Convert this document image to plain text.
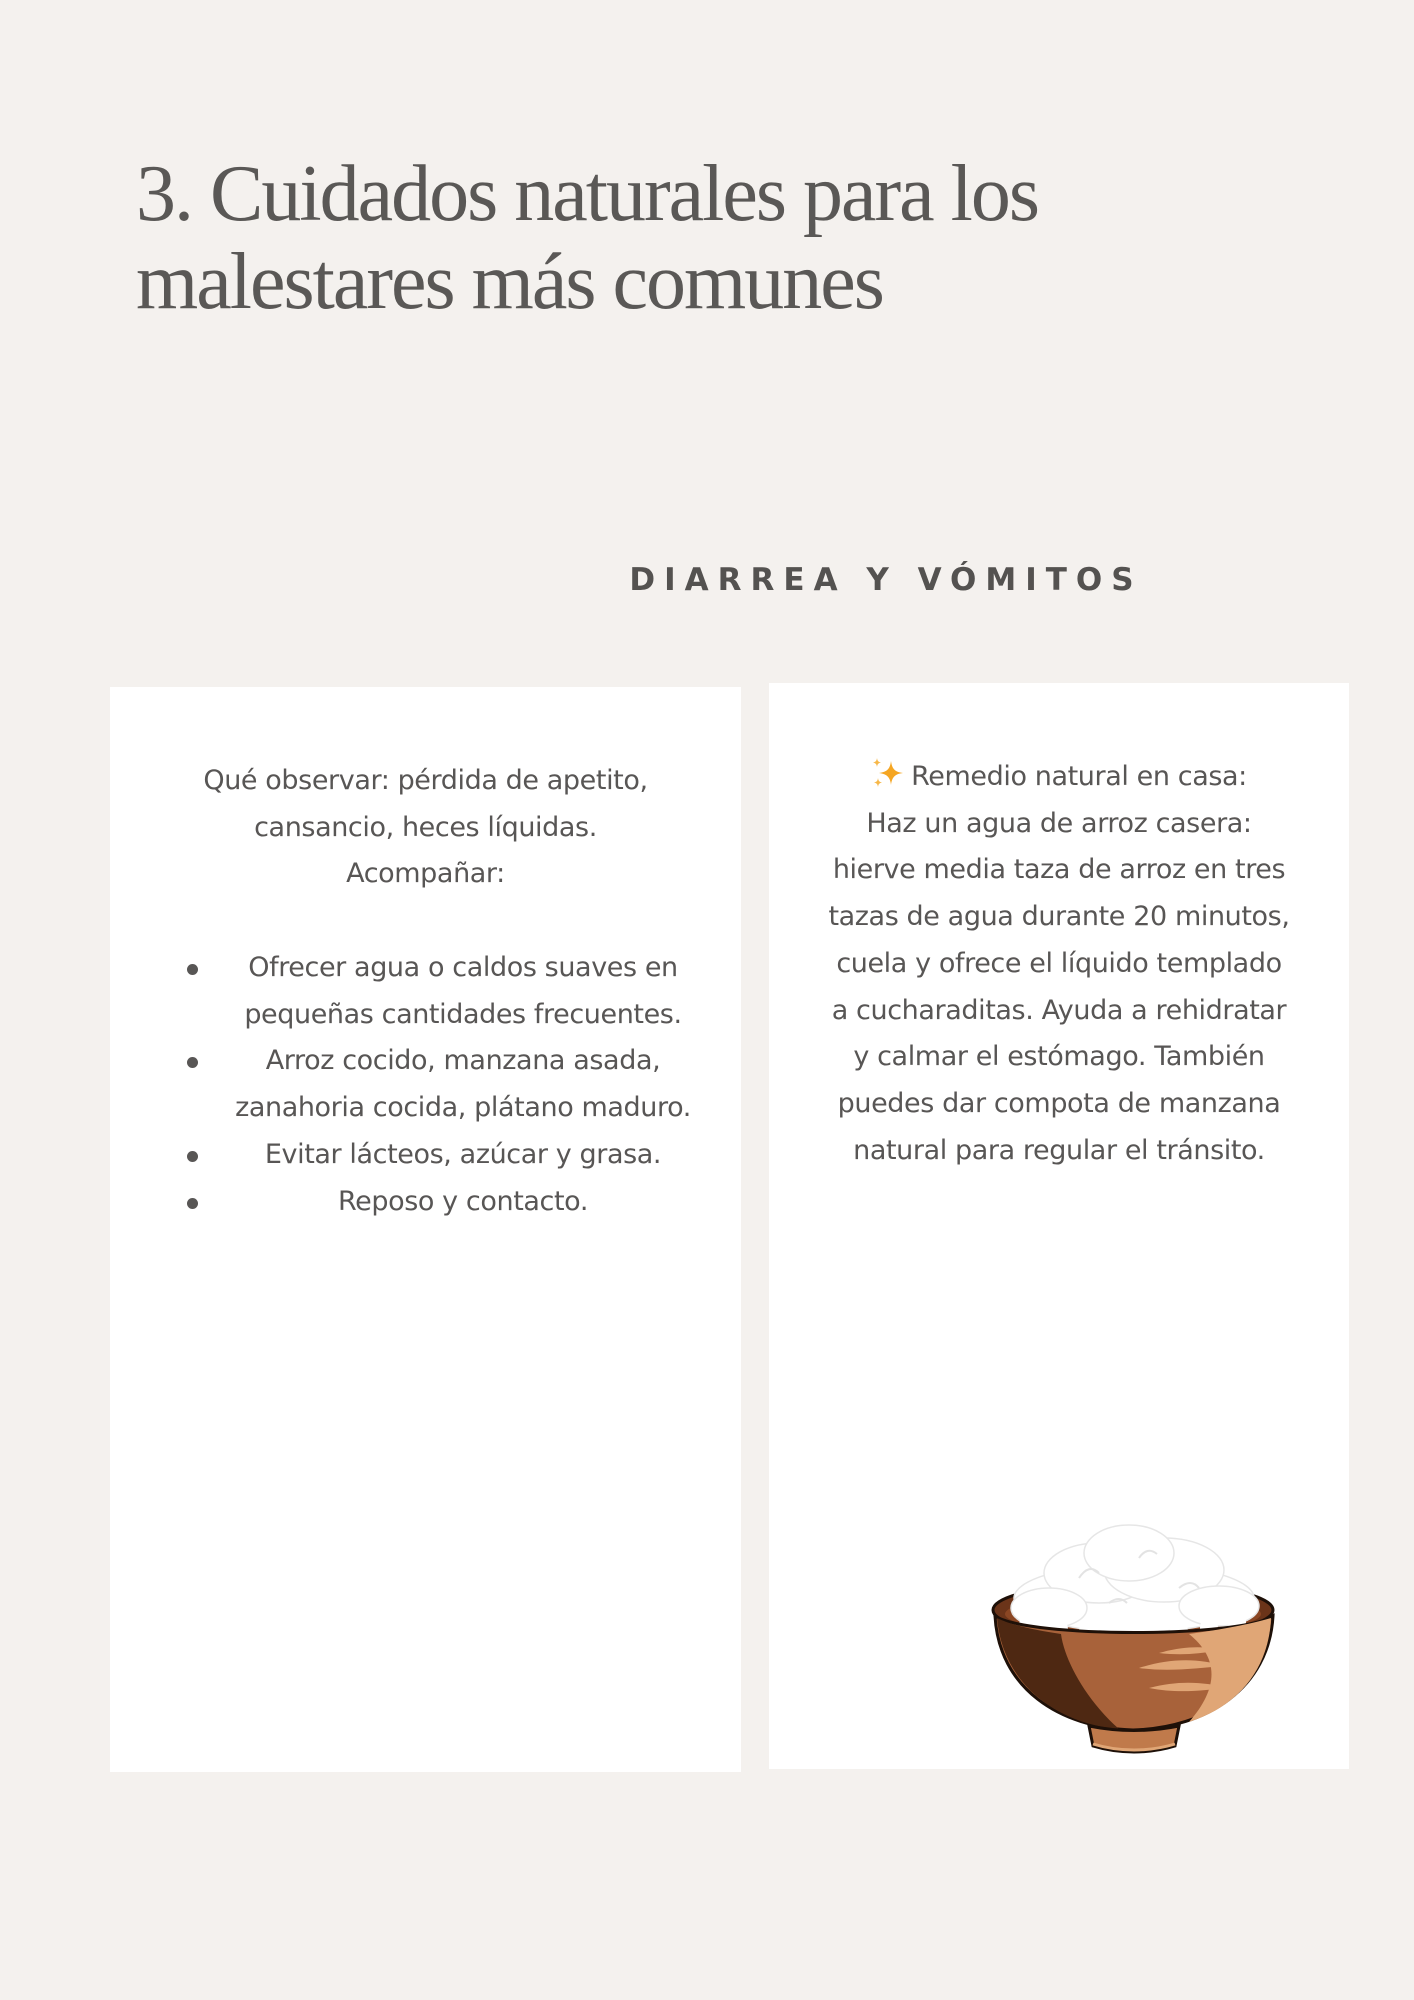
3. Cuidados naturales para los
malestares más comunes
DIARREA Y VÓMITOS
Qué observar: pérdida de apetito,
cansancio, heces líquidas.
Acompañar:
Ofrecer agua o caldos suaves en pequeñas cantidades frecuentes.
Arroz cocido, manzana asada, zanahoria cocida, plátano maduro.
Evitar lácteos, azúcar y grasa.
Reposo y contacto.
Remedio natural en casa:
Haz un agua de arroz casera:
hierve media taza de arroz en tres
tazas de agua durante 20 minutos,
cuela y ofrece el líquido templado
a cucharaditas. Ayuda a rehidratar
y calmar el estómago. También
puedes dar compota de manzana
natural para regular el tránsito.
